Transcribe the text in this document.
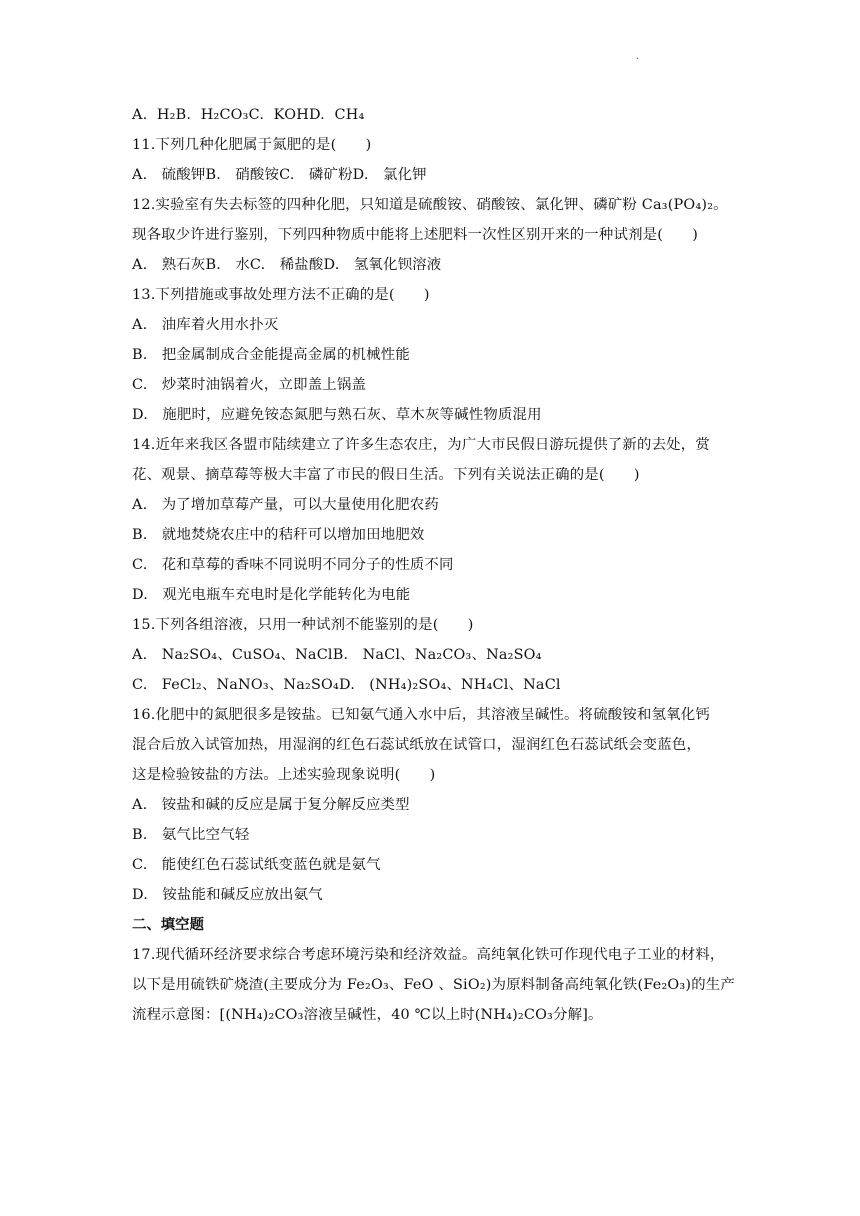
·
A.  H₂B.  H₂CO₃C.  KOHD.  CH₄
11.下列几种化肥属于氮肥的是(　　)
A.   硫酸钾B.   硝酸铵C.   磷矿粉D.   氯化钾
12.实验室有失去标签的四种化肥，只知道是硫酸铵、硝酸铵、氯化钾、磷矿粉 Ca₃(PO₄)₂。
现各取少许进行鉴别，下列四种物质中能将上述肥料一次性区别开来的一种试剂是(　　)
A.   熟石灰B.   水C.   稀盐酸D.   氢氧化钡溶液
13.下列措施或事故处理方法不正确的是(　　)
A.   油库着火用水扑灭
B.   把金属制成合金能提高金属的机械性能
C.   炒菜时油锅着火，立即盖上锅盖
D.   施肥时，应避免铵态氮肥与熟石灰、草木灰等碱性物质混用
14.近年来我区各盟市陆续建立了许多生态农庄，为广大市民假日游玩提供了新的去处，赏
花、观景、摘草莓等极大丰富了市民的假日生活。下列有关说法正确的是(　　)
A.   为了增加草莓产量，可以大量使用化肥农药
B.   就地焚烧农庄中的秸秆可以增加田地肥效
C.   花和草莓的香味不同说明不同分子的性质不同
D.   观光电瓶车充电时是化学能转化为电能
15.下列各组溶液，只用一种试剂不能鉴别的是(　　)
A.   Na₂SO₄、CuSO₄、NaClB.   NaCl、Na₂CO₃、Na₂SO₄
C.   FeCl₂、NaNO₃、Na₂SO₄D.   (NH₄)₂SO₄、NH₄Cl、NaCl
16.化肥中的氮肥很多是铵盐。已知氨气通入水中后，其溶液呈碱性。将硫酸铵和氢氧化钙
混合后放入试管加热，用湿润的红色石蕊试纸放在试管口，湿润红色石蕊试纸会变蓝色，
这是检验铵盐的方法。上述实验现象说明(　　)
A.   铵盐和碱的反应是属于复分解反应类型
B.   氨气比空气轻
C.   能使红色石蕊试纸变蓝色就是氨气
D.   铵盐能和碱反应放出氨气
二、填空题
17.现代循环经济要求综合考虑环境污染和经济效益。高纯氧化铁可作现代电子工业的材料，
以下是用硫铁矿烧渣(主要成分为 Fe₂O₃、FeO 、SiO₂)为原料制备高纯氧化铁(Fe₂O₃)的生产
流程示意图：[(NH₄)₂CO₃溶液呈碱性，40 ℃以上时(NH₄)₂CO₃分解]。
